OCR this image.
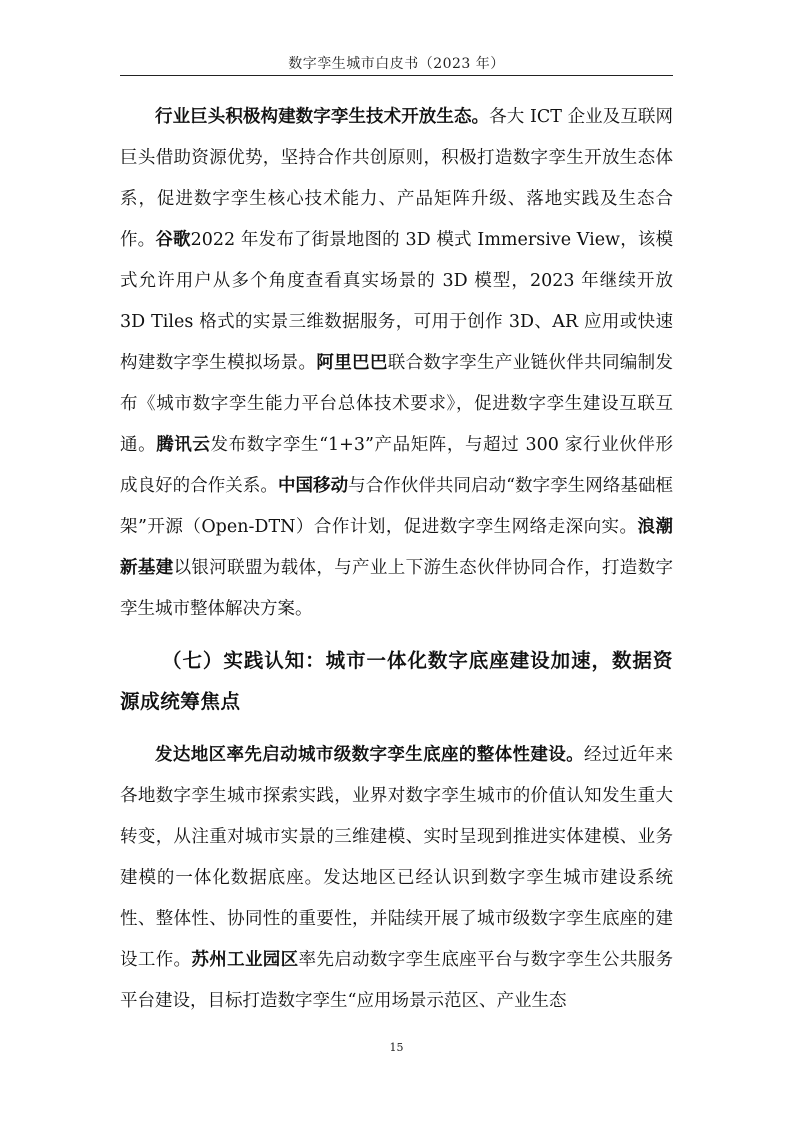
数字孪生城市白皮书（2023 年）

行业巨头积极构建数字孪生技术开放生态。各大 ICT 企业及互联网巨头借助资源优势，坚持合作共创原则，积极打造数字孪生开放生态体系，促进数字孪生核心技术能力、产品矩阵升级、落地实践及生态合作。谷歌2022 年发布了街景地图的 3D 模式 Immersive View，该模式允许用户从多个角度查看真实场景的 3D 模型，2023 年继续开放 3D Tiles 格式的实景三维数据服务，可用于创作 3D、AR 应用或快速构建数字孪生模拟场景。阿里巴巴联合数字孪生产业链伙伴共同编制发布《城市数字孪生能力平台总体技术要求》，促进数字孪生建设互联互通。腾讯云发布数字孪生“1+3”产品矩阵，与超过 300 家行业伙伴形成良好的合作关系。中国移动与合作伙伴共同启动“数字孪生网络基础框架”开源（Open-DTN）合作计划，促进数字孪生网络走深向实。浪潮新基建以银河联盟为载体，与产业上下游生态伙伴协同合作，打造数字孪生城市整体解决方案。

（七）实践认知：城市一体化数字底座建设加速，数据资源成统筹焦点

发达地区率先启动城市级数字孪生底座的整体性建设。经过近年来各地数字孪生城市探索实践，业界对数字孪生城市的价值认知发生重大转变，从注重对城市实景的三维建模、实时呈现到推进实体建模、业务建模的一体化数据底座。发达地区已经认识到数字孪生城市建设系统性、整体性、协同性的重要性，并陆续开展了城市级数字孪生底座的建设工作。苏州工业园区率先启动数字孪生底座平台与数字孪生公共服务平台建设，目标打造数字孪生“应用场景示范区、产业生态

15
